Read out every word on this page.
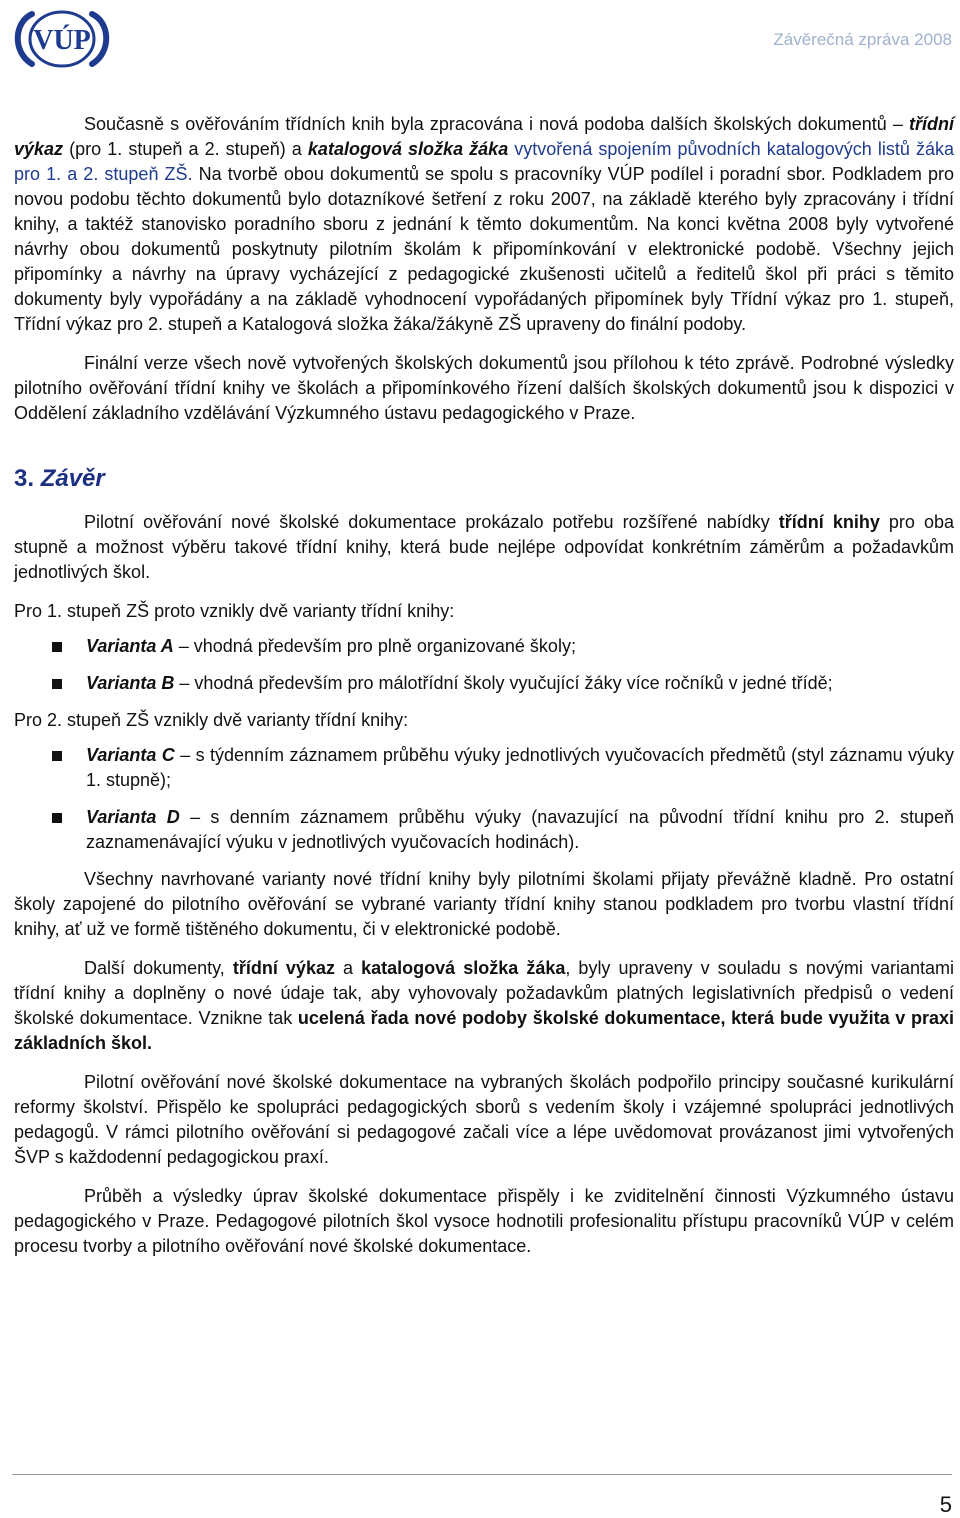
VÚP	Závěrečná zpráva 2008

Současně s ověřováním třídních knih byla zpracována i nová podoba dalších školských dokumentů – třídní výkaz (pro 1. stupeň a 2. stupeň) a katalogová složka žáka vytvořená spojením původních katalogových listů žáka pro 1. a 2. stupeň ZŠ. Na tvorbě obou dokumentů se spolu s pracovníky VÚP podílel i poradní sbor. Podkladem pro novou podobu těchto dokumentů bylo dotazníkové šetření z roku 2007, na základě kterého byly zpracovány i třídní knihy, a taktéž stanovisko poradního sboru z jednání k těmto dokumentům. Na konci května 2008 byly vytvořené návrhy obou dokumentů poskytnuty pilotním školám k připomínkování v elektronické podobě. Všechny jejich připomínky a návrhy na úpravy vycházející z pedagogické zkušenosti učitelů a ředitelů škol při práci s těmito dokumenty byly vypořádány a na základě vyhodnocení vypořádaných připomínek byly Třídní výkaz pro 1. stupeň, Třídní výkaz pro 2. stupeň a Katalogová složka žáka/žákyně ZŠ upraveny do finální podoby.

Finální verze všech nově vytvořených školských dokumentů jsou přílohou k této zprávě. Podrobné výsledky pilotního ověřování třídní knihy ve školách a připomínkového řízení dalších školských dokumentů jsou k dispozici v Oddělení základního vzdělávání Výzkumného ústavu pedagogického v Praze.

3. Závěr

Pilotní ověřování nové školské dokumentace prokázalo potřebu rozšířené nabídky třídní knihy pro oba stupně a možnost výběru takové třídní knihy, která bude nejlépe odpovídat konkrétním záměrům a požadavkům jednotlivých škol.

Pro 1. stupeň ZŠ proto vznikly dvě varianty třídní knihy:

Varianta A – vhodná především pro plně organizované školy;
Varianta B – vhodná především pro málotřídní školy vyučující žáky více ročníků v jedné třídě;

Pro 2. stupeň ZŠ vznikly dvě varianty třídní knihy:

Varianta C – s týdenním záznamem průběhu výuky jednotlivých vyučovacích předmětů (styl záznamu výuky 1. stupně);
Varianta D – s denním záznamem průběhu výuky (navazující na původní třídní knihu pro 2. stupeň zaznamenávající výuku v jednotlivých vyučovacích hodinách).

Všechny navrhované varianty nové třídní knihy byly pilotními školami přijaty převážně kladně. Pro ostatní školy zapojené do pilotního ověřování se vybrané varianty třídní knihy stanou podkladem pro tvorbu vlastní třídní knihy, ať už ve formě tištěného dokumentu, či v elektronické podobě.

Další dokumenty, třídní výkaz a katalogová složka žáka, byly upraveny v souladu s novými variantami třídní knihy a doplněny o nové údaje tak, aby vyhovovaly požadavkům platných legislativních předpisů o vedení školské dokumentace. Vznikne tak ucelená řada nové podoby školské dokumentace, která bude využita v praxi základních škol.

Pilotní ověřování nové školské dokumentace na vybraných školách podpořilo principy současné kurikulární reformy školství. Přispělo ke spolupráci pedagogických sborů s vedením školy i vzájemné spolupráci jednotlivých pedagogů. V rámci pilotního ověřování si pedagogové začali více a lépe uvědomovat provázanost jimi vytvořených ŠVP s každodenní pedagogickou praxí.

Průběh a výsledky úprav školské dokumentace přispěly i ke zviditelnění činnosti Výzkumného ústavu pedagogického v Praze. Pedagogové pilotních škol vysoce hodnotili profesionalitu přístupu pracovníků VÚP v celém procesu tvorby a pilotního ověřování nové školské dokumentace.

5
